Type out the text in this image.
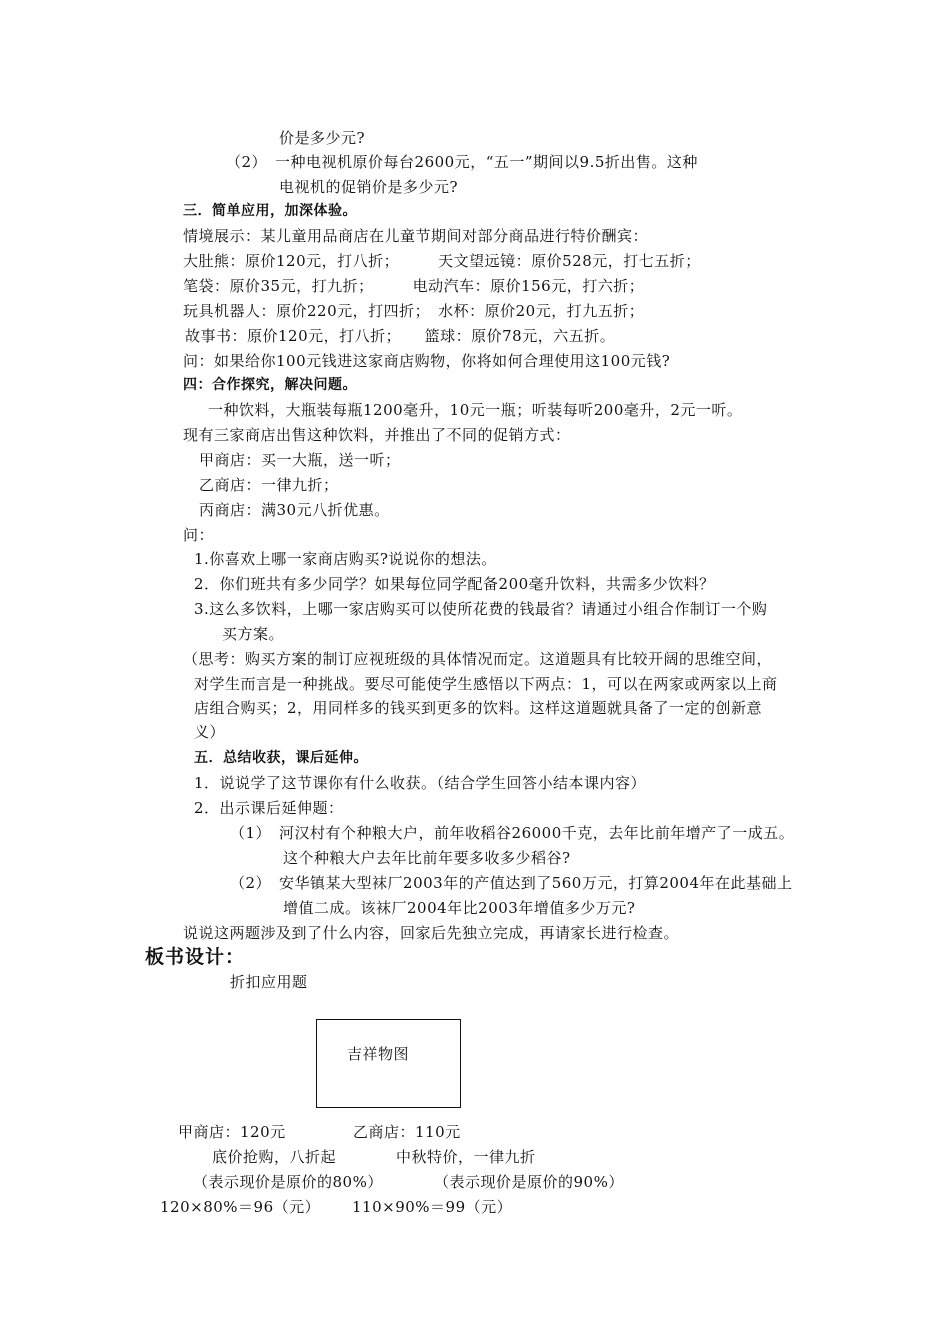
价是多少元?
（2）　一种电视机原价每台2600元，“五一”期间以9.5折出售。这种
电视机的促销价是多少元?
三．简单应用，加深体验。
情境展示：某儿童用品商店在儿童节期间对部分商品进行特价酬宾：
大肚熊：原价120元，打八折；　　　天文望远镜：原价528元，打七五折；
笔袋：原价35元，打九折；　　　电动汽车：原价156元，打六折；
玩具机器人：原价220元，打四折；　水杯：原价20元，打九五折；
故事书：原价120元，打八折；　　篮球：原价78元，六五折。
问：如果给你100元钱进这家商店购物，你将如何合理使用这100元钱?
四：合作探究，解决问题。
一种饮料，大瓶装每瓶1200毫升，10元一瓶；听装每听200毫升，2元一听。
现有三家商店出售这种饮料，并推出了不同的促销方式：
甲商店：买一大瓶，送一听；
乙商店：一律九折；
丙商店：满30元八折优惠。
问：
1.你喜欢上哪一家商店购买?说说你的想法。
2．你们班共有多少同学？如果每位同学配备200毫升饮料，共需多少饮料？
3.这么多饮料，上哪一家店购买可以使所花费的钱最省？请通过小组合作制订一个购
买方案。
（思考：购买方案的制订应视班级的具体情况而定。这道题具有比较开阔的思维空间，
对学生而言是一种挑战。要尽可能使学生感悟以下两点：1，可以在两家或两家以上商
店组合购买；2，用同样多的钱买到更多的饮料。这样这道题就具备了一定的创新意
义）
五．总结收获，课后延伸。
1．说说学了这节课你有什么收获。（结合学生回答小结本课内容）
2．出示课后延伸题：
（1）　河汉村有个种粮大户，前年收稻谷26000千克，去年比前年增产了一成五。
这个种粮大户去年比前年要多收多少稻谷?
（2）　安华镇某大型袜厂2003年的产值达到了560万元，打算2004年在此基础上
增值二成。该袜厂2004年比2003年增值多少万元?
说说这两题涉及到了什么内容，回家后先独立完成，再请家长进行检查。
板书设计：
折扣应用题
吉祥物图
甲商店：120元	乙商店：110元
底价抢购，八折起	中秋特价，一律九折
（表示现价是原价的80%）	（表示现价是原价的90%）
120×80%＝96（元） 110×90%＝99（元）
